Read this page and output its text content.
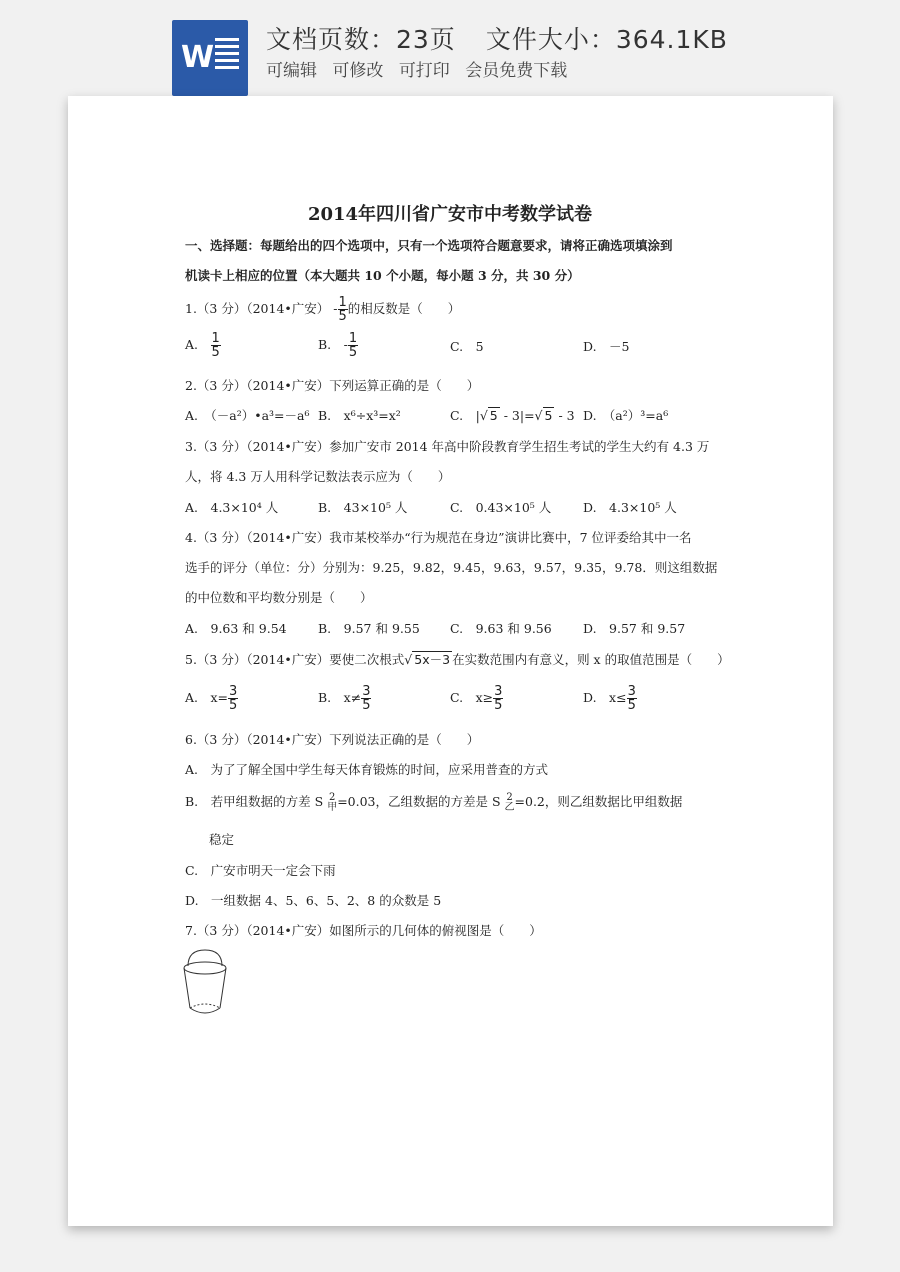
W
文档页数：23页 文件大小：364.1KB
可编辑 可修改 可打印 会员免费下载
2014年四川省广安市中考数学试卷
一、选择题：每题给出的四个选项中，只有一个选项符合题意要求，请将正确选项填涂到
机读卡上相应的位置（本大题共 10 个小题，每小题 3 分，共 30 分）
1.（3 分）（2014•广安） - $\frac{1}{5}$ 的相反数是（　　）
A.　 $\frac{1}{5}$	B.　- $\frac{1}{5}$	C.　5	D.　－5
2.（3 分）（2014•广安）下列运算正确的是（　　）
A.　（－a²）•a³=－a⁶ B.　x⁶÷x³=x²	C.　|√ 5 - 3|=√ 5 - 3 D.　（a²）³=a⁶
3.（3 分）（2014•广安）参加广安市 2014 年高中阶段教育学生招生考试的学生大约有 4.3 万
人，将 4.3 万人用科学记数法表示应为（　　）
A.　4.3×10⁴ 人	B.　43×10⁵ 人	C.　0.43×10⁵ 人	D.　4.3×10⁵ 人
4.（3 分）（2014•广安）我市某校举办“行为规范在身边”演讲比赛中，7 位评委给其中一名
选手的评分（单位：分）分别为：9.25，9.82，9.45，9.63，9.57，9.35，9.78．则这组数据
的中位数和平均数分别是（　　）
A.　9.63 和 9.54	B.　9.57 和 9.55 C.　9.63 和 9.56	D.　9.57 和 9.57
5.（3 分）（2014•广安）要使二次根式√ 5x－3 在实数范围内有意义，则 x 的取值范围是（　　）
A.　$x= \frac{3}{5}$	B.　$x\ne \frac{3}{5}$	C.　$x\ge \frac{3}{5}$	D.　$x\le \frac{3}{5}$
6.（3 分）（2014•广安）下列说法正确的是（　　）
A.　为了了解全国中学生每天体育锻炼的时间，应采用普查的方式
B.　若甲组数据的方差 S 2
甲 =0.03，乙组数据的方差是 S 2
乙 =0.2，则乙组数据比甲组数据
稳定
C.　广安市明天一定会下雨
D.　一组数据 4、5、6、5、2、8 的众数是 5
7.（3 分）（2014•广安）如图所示的几何体的俯视图是（　　）
